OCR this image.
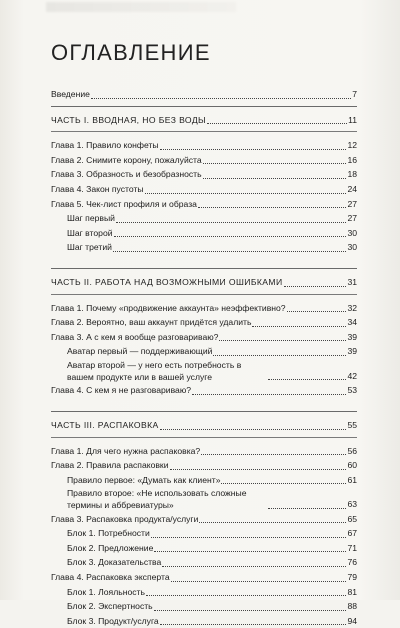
ОГЛАВЛЕНИЕ
Введение	7
ЧАСТЬ I. ВВОДНАЯ, НО БЕЗ ВОДЫ	11
Глава 1. Правило конфеты	12
Глава 2. Снимите корону, пожалуйста	16
Глава 3. Образность и безобразность	18
Глава 4. Закон пустоты	24
Глава 5. Чек-лист профиля и образа	27
Шаг первый	27
Шаг второй	30
Шаг третий	30
ЧАСТЬ II. РАБОТА НАД ВОЗМОЖНЫМИ ОШИБКАМИ	31
Глава 1. Почему «продвижение аккаунта» неэффективно?	32
Глава 2. Вероятно, ваш аккаунт придётся удалить	34
Глава 3. А с кем я вообще разговариваю?	39
Аватар первый — поддерживающий	39
Аватар второй — у него есть потребность в вашем продукте или в вашей услуге	42
Глава 4. С кем я не разговариваю?	53
ЧАСТЬ III. РАСПАКОВКА	55
Глава 1. Для чего нужна распаковка?	56
Глава 2. Правила распаковки	60
Правило первое: «Думать как клиент»	61
Правило второе: «Не использовать сложные термины и аббревиатуры»	63
Глава 3. Распаковка продукта/услуги	65
Блок 1. Потребности	67
Блок 2. Предложение	71
Блок 3. Доказательства	76
Глава 4. Распаковка эксперта	79
Блок 1. Лояльность	81
Блок 2. Экспертность	88
Блок 3. Продукт/услуга	94
